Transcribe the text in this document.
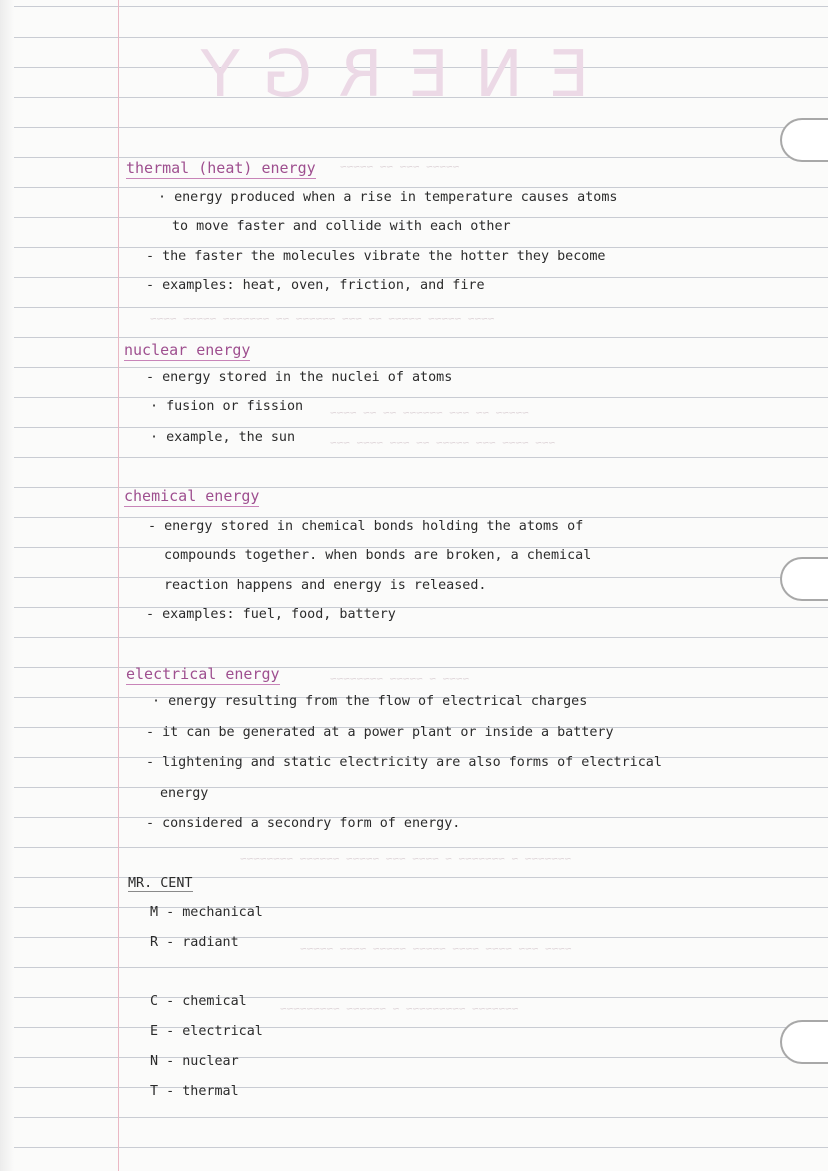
ENERGY
~~~~~ ~~~ ~~ ~~~~~
~~~~ ~~~~~ ~~~~~ ~~ ~~~ ~~~~~~ ~~ ~~~~~~~ ~~~~~ ~~~~
~~~~~ ~~ ~~~ ~~~~~~ ~~ ~~ ~~~~
~~~ ~~~~ ~~~ ~~~~~ ~~ ~~~ ~~~~ ~~~
~~~~ ~ ~~~~~ ~~~~~~~~
~~~~~~~ ~ ~~~~~~~ ~ ~~~~ ~~~ ~~~~~ ~~~~~~ ~~~~~~~~
~~~~ ~~~ ~~~~ ~~~~ ~~~~~ ~~~~~ ~~~~ ~~~~~
~~~~~~~ ~~~~~~~~~ ~ ~~~~~~ ~~~~~~~~~
thermal (heat) energy
· energy produced when a rise in temperature causes atoms
to move faster and collide with each other
- the faster the molecules vibrate the hotter they become
- examples: heat, oven, friction, and fire
nuclear energy
- energy stored in the nuclei of atoms
· fusion or fission
· example, the sun
chemical energy
- energy stored in chemical bonds holding the atoms of
compounds together. when bonds are broken, a chemical
reaction happens and energy is released.
- examples: fuel, food, battery
electrical energy
· energy resulting from the flow of electrical charges
- it can be generated at a power plant or inside a battery
- lightening and static electricity are also forms of electrical
energy
- considered a secondry form of energy.
MR. CENT
M - mechanical
R - radiant
C - chemical
E - electrical
N - nuclear
T - thermal
